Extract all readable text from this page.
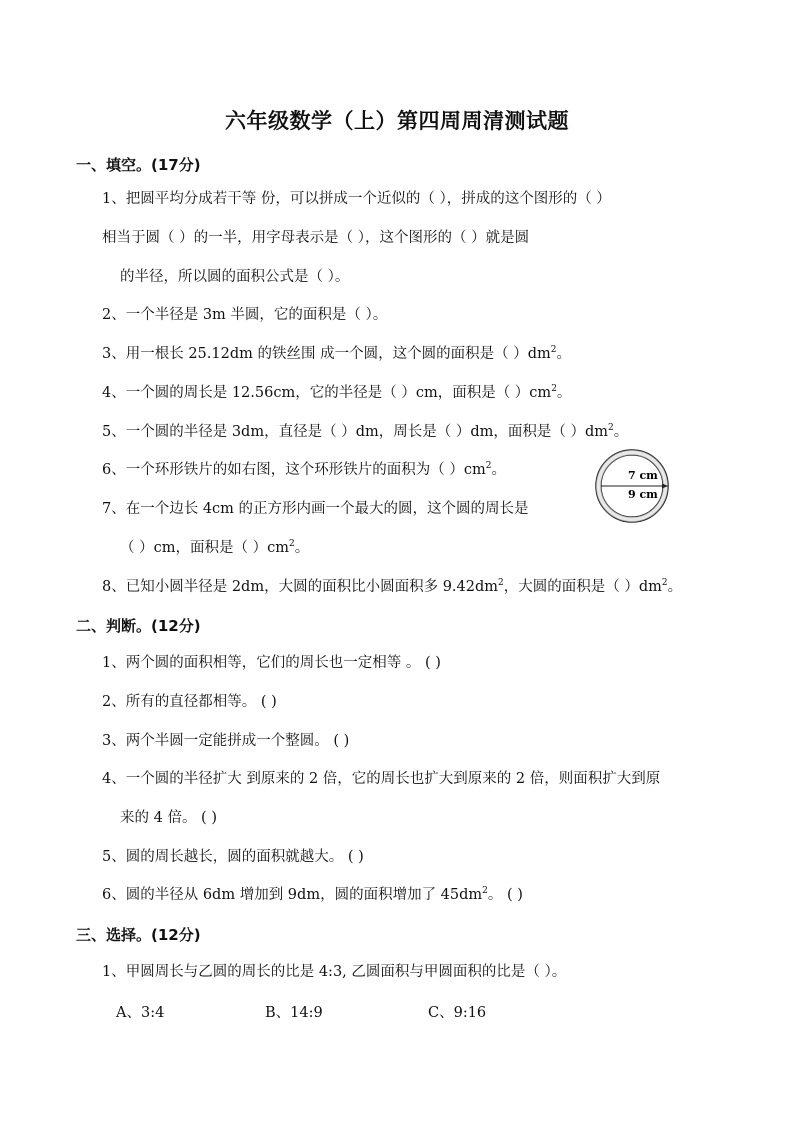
六年级数学（上）第四周周清测试题
一、填空。(17分)
1、把圆平均分成若干等 份，可以拼成一个近似的（ ），拼成的这个图形的（ ）
相当于圆（ ）的一半，用字母表示是（ ），这个图形的（ ）就是圆
的半径，所以圆的面积公式是（ ）。
2、一个半径是 3m 半圆，它的面积是（ ）。
3、用一根长 25.12dm 的铁丝围 成一个圆，这个圆的面积是（ ）$dm^2$。
4、一个圆的周长是 12.56cm，它的半径是（ ）cm，面积是（ ）$cm^2$。
5、一个圆的半径是 3dm，直径是（ ）dm，周长是（ ）dm，面积是（ ）$dm^2$。
6、一个环形铁片的如右图，这个环形铁片的面积为（ ）$cm^2$。	7 cm
9 cm
7、在一个边长 4cm 的正方形内画一个最大的圆，这个圆的周长是
（ ）cm，面积是（ ）$cm^2$。
8、已知小圆半径是 2dm，大圆的面积比小圆面积多 $9.42dm^2$，大圆的面积是（ ）$dm^2$。
二、判断。(12分)
1、两个圆的面积相等，它们的周长也一定相等 。 ( )
2、所有的直径都相等。 ( )
3、两个半圆一定能拼成一个整圆。 ( )
4、一个圆的半径扩大 到原来的 2 倍，它的周长也扩大到原来的 2 倍，则面积扩大到原
来的 4 倍。 ( )
5、圆的周长越长，圆的面积就越大。 ( )
6、圆的半径从 6dm 增加到 9dm，圆的面积增加了 $45dm^2$。 ( )
三、选择。(12分)
1、甲圆周长与乙圆的周长的比是 4:3, 乙圆面积与甲圆面积的比是（ ）。
A、3:4	B、14:9	C、9:16
